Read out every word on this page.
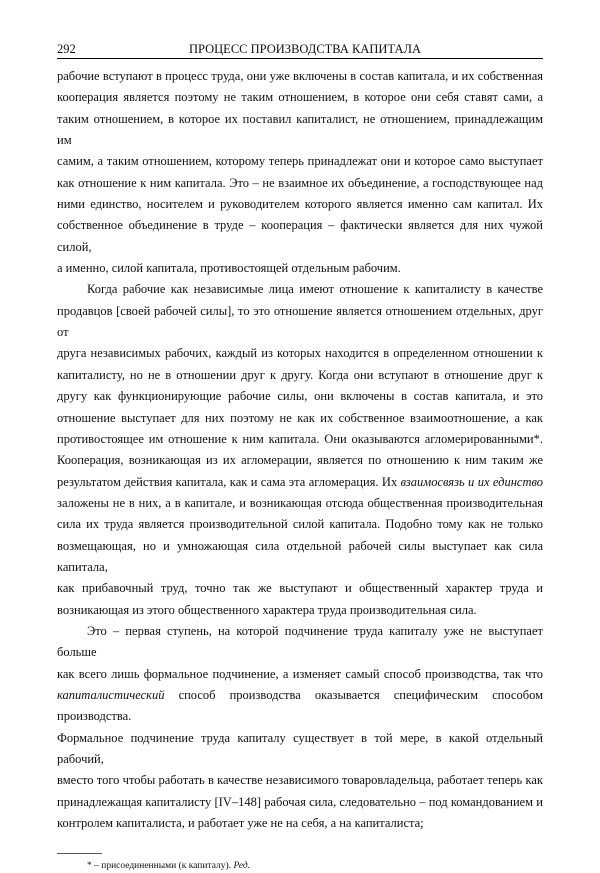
292	ПРОЦЕСС ПРОИЗВОДСТВА КАПИТАЛА
рабочие вступают в процесс труда, они уже включены в состав капитала, и их собственная
кооперация является поэтому не таким отношением, в которое они себя ставят сами, а
таким отношением, в которое их поставил капиталист, не отношением, принадлежащим им
самим, а таким отношением, которому теперь принадлежат они и которое само выступает
как отношение к ним капитала. Это – не взаимное их объединение, а господствующее над
ними единство, носителем и руководителем которого является именно сам капитал. Их
собственное объединение в труде – кооперация – фактически является для них чужой силой,
а именно, силой капитала, противостоящей отдельным рабочим.
Когда рабочие как независимые лица имеют отношение к капиталисту в качестве
продавцов [своей рабочей силы], то это отношение является отношением отдельных, друг от
друга независимых рабочих, каждый из которых находится в определенном отношении к
капиталисту, но не в отношении друг к другу. Когда они вступают в отношение друг к
другу как функционирующие рабочие силы, они включены в состав капитала, и это
отношение выступает для них поэтому не как их собственное взаимоотношение, а как
противостоящее им отношение к ним капитала. Они оказываются агломерированными*.
Кооперация, возникающая из их агломерации, является по отношению к ним таким же
результатом действия капитала, как и сама эта агломерация. Их взаимосвязь и их единство
заложены не в них, а в капитале, и возникающая отсюда общественная производительная
сила их труда является производительной силой капитала. Подобно тому как не только
возмещающая, но и умножающая сила отдельной рабочей силы выступает как сила капитала,
как прибавочный труд, точно так же выступают и общественный характер труда и
возникающая из этого общественного характера труда производительная сила.
Это – первая ступень, на которой подчинение труда капиталу уже не выступает больше
как всего лишь формальное подчинение, а изменяет самый способ производства, так что
капиталистический способ производства оказывается специфическим способом производства.
Формальное подчинение труда капиталу существует в той мере, в какой отдельный рабочий,
вместо того чтобы работать в качестве независимого товаровладельца, работает теперь как
принадлежащая капиталисту [IV–148] рабочая сила, следовательно – под командованием и
контролем капиталиста, и работает уже не на себя, а на капиталиста;
* – присоединенными (к капиталу). Ред.
